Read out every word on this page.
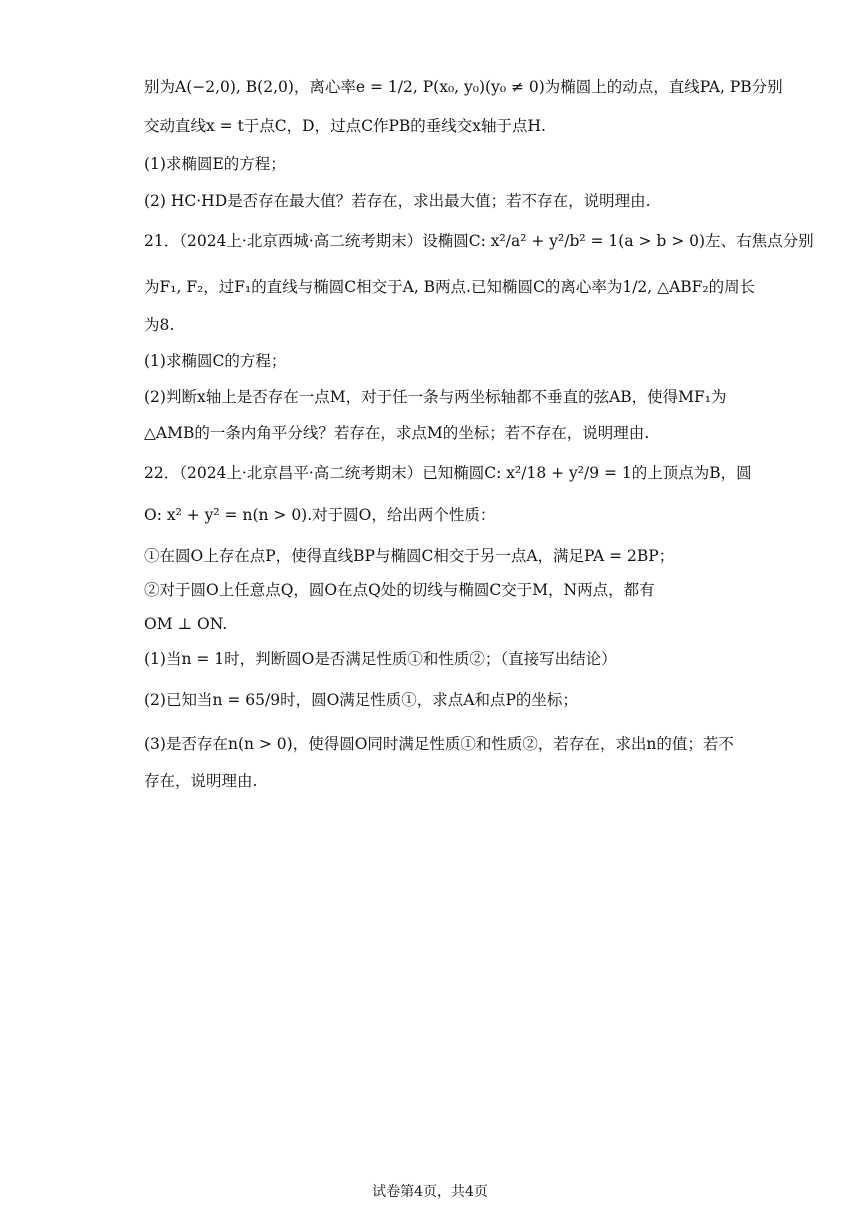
别为A(−2,0), B(2,0)，离心率e = 1/2, P(x₀, y₀)(y₀ ≠ 0)为椭圆上的动点，直线PA, PB分别
交动直线x = t于点C，D，过点C作PB的垂线交x轴于点H.
(1)求椭圆E的方程；
(2) HC·HD是否存在最大值？若存在，求出最大值；若不存在，说明理由.
21．（2024上·北京西城·高二统考期末）设椭圆C: x²/a² + y²/b² = 1(a > b > 0)左、右焦点分别
为F₁, F₂，过F₁的直线与椭圆C相交于A, B两点.已知椭圆C的离心率为1/2, △ABF₂的周长
为8.
(1)求椭圆C的方程；
(2)判断x轴上是否存在一点M，对于任一条与两坐标轴都不垂直的弦AB，使得MF₁为
△AMB的一条内角平分线？若存在，求点M的坐标；若不存在，说明理由.
22．（2024上·北京昌平·高二统考期末）已知椭圆C: x²/18 + y²/9 = 1的上顶点为B，圆
O: x² + y² = n(n > 0).对于圆O，给出两个性质：
①在圆O上存在点P，使得直线BP与椭圆C相交于另一点A，满足PA = 2BP；
②对于圆O上任意点Q，圆O在点Q处的切线与椭圆C交于M，N两点，都有
OM ⊥ ON.
(1)当n = 1时，判断圆O是否满足性质①和性质②；（直接写出结论）
(2)已知当n = 65/9时，圆O满足性质①，求点A和点P的坐标；
(3)是否存在n(n > 0)，使得圆O同时满足性质①和性质②，若存在，求出n的值；若不
存在，说明理由.
试卷第4页，共4页
